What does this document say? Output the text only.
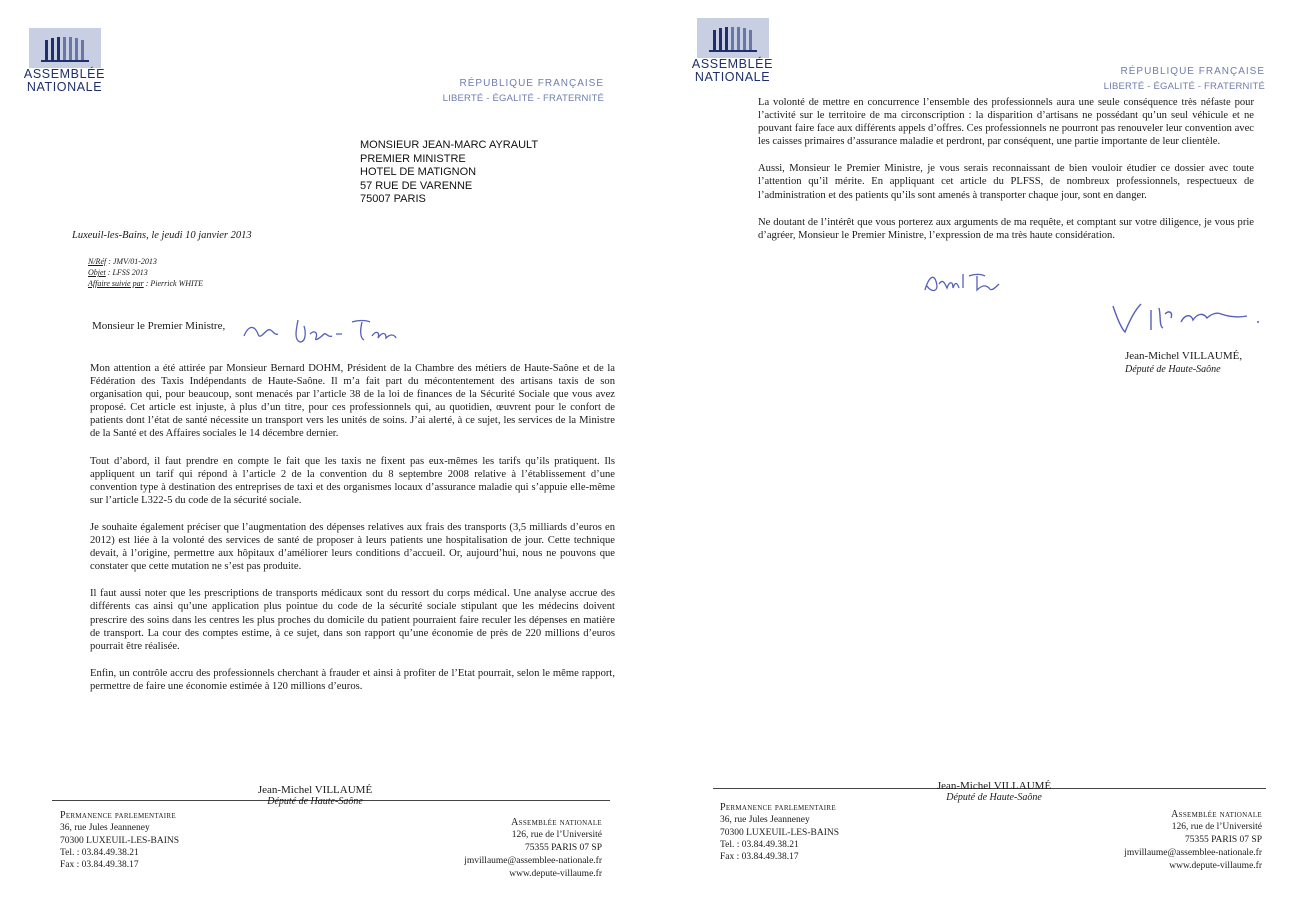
ASSEMBLÉE
NATIONALE	RÉPUBLIQUE FRANÇAISE
LIBERTÉ - ÉGALITÉ - FRATERNITÉ
MONSIEUR JEAN-MARC AYRAULT
PREMIER MINISTRE
HOTEL DE MATIGNON
57 RUE DE VARENNE
75007 PARIS
Luxeuil-les-Bains, le jeudi 10 janvier 2013
N/Réf : JMV/01-2013
Objet : LFSS 2013
Affaire suivie par : Pierrick WHITE
Monsieur le Premier Ministre,

Mon attention a été attirée par Monsieur Bernard DOHM, Président de la Chambre des métiers de Haute-Saône et de la Fédération des Taxis Indépendants de Haute-Saône. Il m’a fait part du mécontentement des artisans taxis de son organisation qui, pour beaucoup, sont menacés par l’article 38 de la loi de finances de la Sécurité Sociale que vous avez proposé. Cet article est injuste, à plus d’un titre, pour ces professionnels qui, au quotidien, œuvrent pour le confort de patients dont l’état de santé nécessite un transport vers les unités de soins. J’ai alerté, à ce sujet, les services de la Ministre de la Santé et des Affaires sociales le 14 décembre dernier.

Tout d’abord, il faut prendre en compte le fait que les taxis ne fixent pas eux-mêmes les tarifs qu’ils pratiquent. Ils appliquent un tarif qui répond à l’article 2 de la convention du 8 septembre 2008 relative à l’établissement d’une convention type à destination des entreprises de taxi et des organismes locaux d’assurance maladie qui s’appuie elle-même sur l’article L322-5 du code de la sécurité sociale.

Je souhaite également préciser que l’augmentation des dépenses relatives aux frais des transports (3,5 milliards d’euros en 2012) est liée à la volonté des services de santé de proposer à leurs patients une hospitalisation de jour. Cette technique devait, à l’origine, permettre aux hôpitaux d’améliorer leurs conditions d’accueil. Or, aujourd’hui, nous ne pouvons que constater que cette mutation ne s’est pas produite.

Il faut aussi noter que les prescriptions de transports médicaux sont du ressort du corps médical. Une analyse accrue des différents cas ainsi qu’une application plus pointue du code de la sécurité sociale stipulant que les médecins doivent prescrire des soins dans les centres les plus proches du domicile du patient pourraient faire reculer les dépenses en matière de transport. La cour des comptes estime, à ce sujet, dans son rapport qu’une économie de près de 220 millions d’euros pourrait être réalisée.

Enfin, un contrôle accru des professionnels cherchant à frauder et ainsi à profiter de l’Etat pourrait, selon le même rapport, permettre de faire une économie estimée à 120 millions d’euros.

Jean-Michel VILLAUMÉ
Député de Haute-Saône
Permanence parlementaire
36, rue Jules Jeanneney
70300 LUXEUIL-LES-BAINS
Tel. : 03.84.49.38.21
Fax : 03.84.49.38.17
Assemblée nationale
126, rue de l’Université
75355 PARIS 07 SP
jmvillaume@assemblee-nationale.fr
www.depute-villaume.fr
ASSEMBLÉE
NATIONALE	RÉPUBLIQUE FRANÇAISE
LIBERTÉ - ÉGALITÉ - FRATERNITÉ

La volonté de mettre en concurrence l’ensemble des professionnels aura une seule conséquence très néfaste pour l’activité sur le territoire de ma circonscription : la disparition d’artisans ne possédant qu’un seul véhicule et ne pouvant faire face aux différents appels d’offres. Ces professionnels ne pourront pas renouveler leur convention avec les caisses primaires d’assurance maladie et perdront, par conséquent, une partie importante de leur clientèle.

Aussi, Monsieur le Premier Ministre, je vous serais reconnaissant de bien vouloir étudier ce dossier avec toute l’attention qu’il mérite. En appliquant cet article du PLFSS, de nombreux professionnels, respectueux de l’administration et des patients qu’ils sont amenés à transporter chaque jour, sont en danger.

Ne doutant de l’intérêt que vous porterez aux arguments de ma requête, et comptant sur votre diligence, je vous prie d’agréer, Monsieur le Premier Ministre, l’expression de ma très haute considération.

Jean-Michel VILLAUMÉ,
Député de Haute-Saône
Jean-Michel VILLAUMÉ
Député de Haute-Saône
Permanence parlementaire
36, rue Jules Jeanneney
70300 LUXEUIL-LES-BAINS
Tel. : 03.84.49.38.21
Fax : 03.84.49.38.17
Assemblée nationale
126, rue de l’Université
75355 PARIS 07 SP
jmvillaume@assemblee-nationale.fr
www.depute-villaume.fr
